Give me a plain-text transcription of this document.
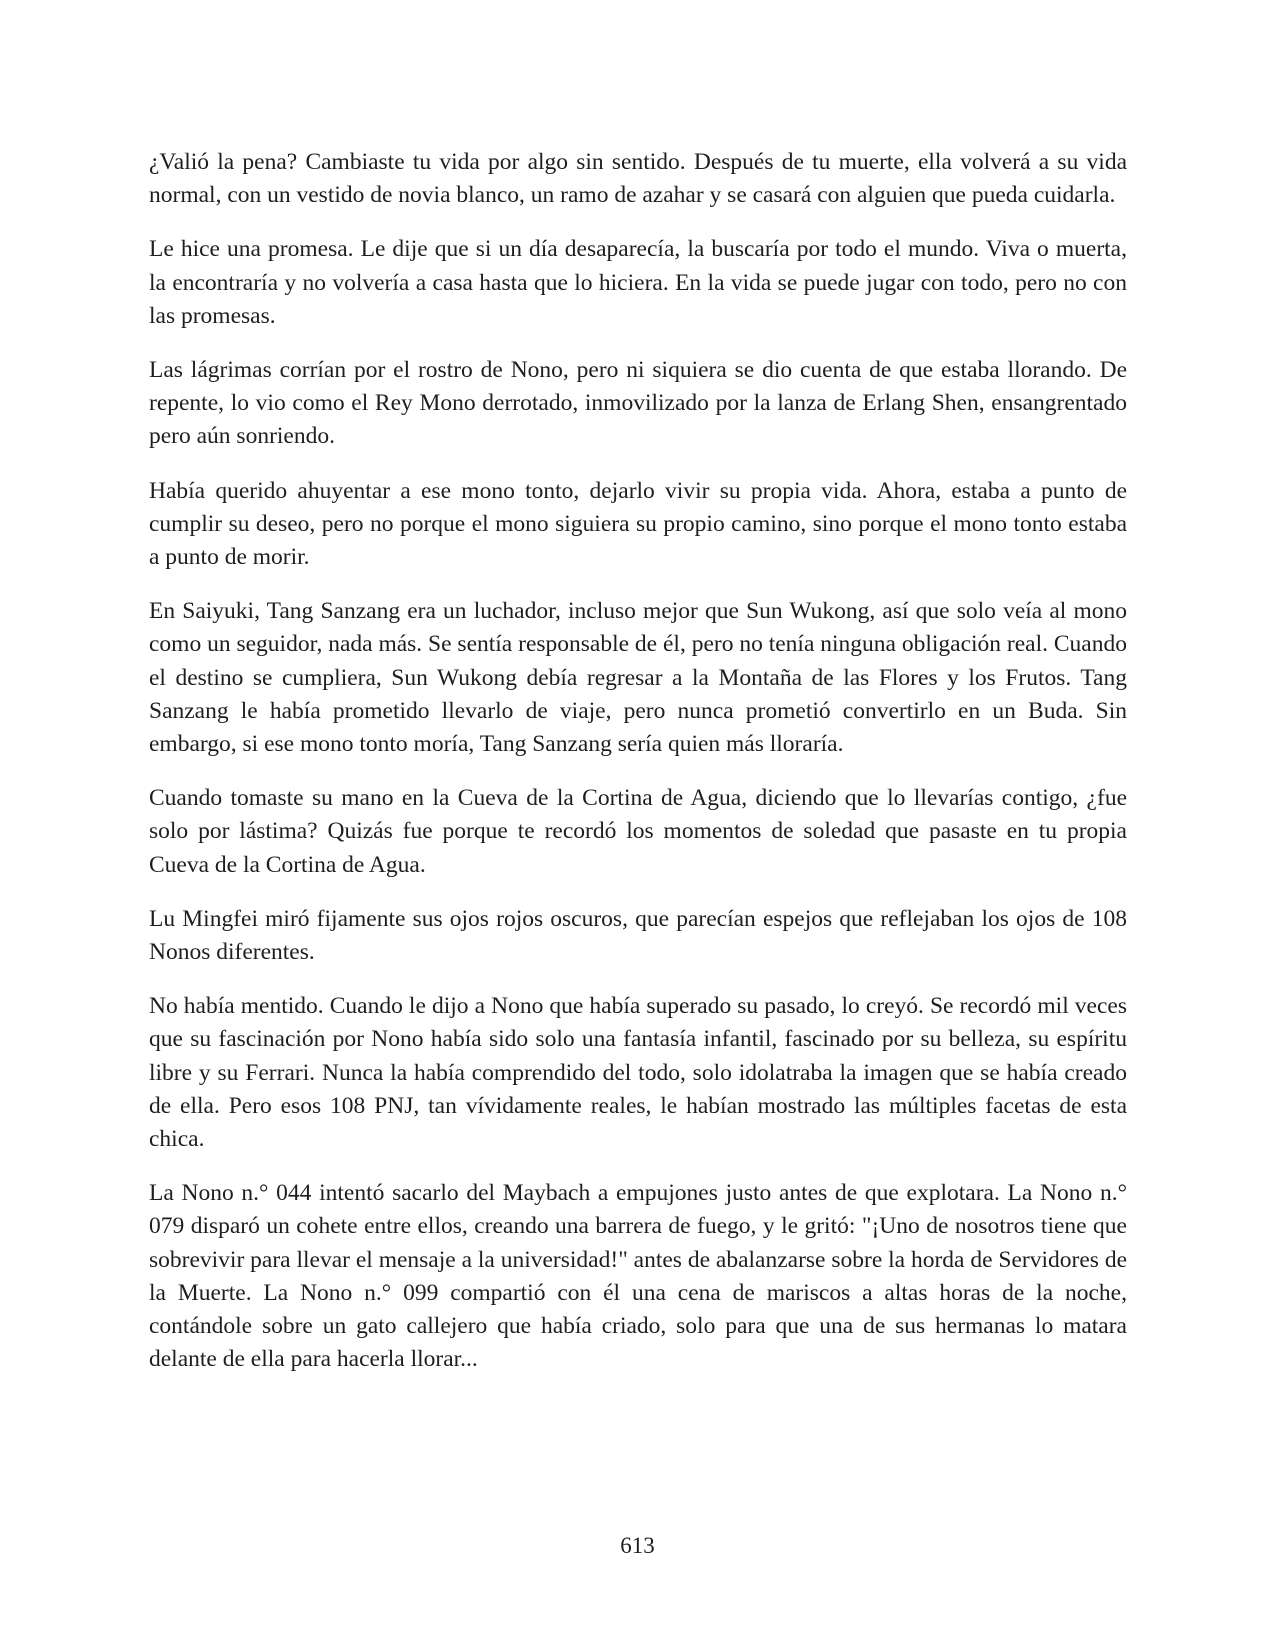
¿Valió la pena? Cambiaste tu vida por algo sin sentido. Después de tu muerte, ella volverá a su vida normal, con un vestido de novia blanco, un ramo de azahar y se casará con alguien que pueda cuidarla.

Le hice una promesa. Le dije que si un día desaparecía, la buscaría por todo el mundo. Viva o muerta, la encontraría y no volvería a casa hasta que lo hiciera. En la vida se puede jugar con todo, pero no con las promesas.

Las lágrimas corrían por el rostro de Nono, pero ni siquiera se dio cuenta de que estaba llorando. De repente, lo vio como el Rey Mono derrotado, inmovilizado por la lanza de Erlang Shen, ensangrentado pero aún sonriendo.

Había querido ahuyentar a ese mono tonto, dejarlo vivir su propia vida. Ahora, estaba a punto de cumplir su deseo, pero no porque el mono siguiera su propio camino, sino porque el mono tonto estaba a punto de morir.

En Saiyuki, Tang Sanzang era un luchador, incluso mejor que Sun Wukong, así que solo veía al mono como un seguidor, nada más. Se sentía responsable de él, pero no tenía ninguna obligación real. Cuando el destino se cumpliera, Sun Wukong debía regresar a la Montaña de las Flores y los Frutos. Tang Sanzang le había prometido llevarlo de viaje, pero nunca prometió convertirlo en un Buda. Sin embargo, si ese mono tonto moría, Tang Sanzang sería quien más lloraría.

Cuando tomaste su mano en la Cueva de la Cortina de Agua, diciendo que lo llevarías contigo, ¿fue solo por lástima? Quizás fue porque te recordó los momentos de soledad que pasaste en tu propia Cueva de la Cortina de Agua.

Lu Mingfei miró fijamente sus ojos rojos oscuros, que parecían espejos que reflejaban los ojos de 108 Nonos diferentes.

No había mentido. Cuando le dijo a Nono que había superado su pasado, lo creyó. Se recordó mil veces que su fascinación por Nono había sido solo una fantasía infantil, fascinado por su belleza, su espíritu libre y su Ferrari. Nunca la había comprendido del todo, solo idolatraba la imagen que se había creado de ella. Pero esos 108 PNJ, tan vívidamente reales, le habían mostrado las múltiples facetas de esta chica.

La Nono n.° 044 intentó sacarlo del Maybach a empujones justo antes de que explotara. La Nono n.° 079 disparó un cohete entre ellos, creando una barrera de fuego, y le gritó: "¡Uno de nosotros tiene que sobrevivir para llevar el mensaje a la universidad!" antes de abalanzarse sobre la horda de Servidores de la Muerte. La Nono n.° 099 compartió con él una cena de mariscos a altas horas de la noche, contándole sobre un gato callejero que había criado, solo para que una de sus hermanas lo matara delante de ella para hacerla llorar...

613
